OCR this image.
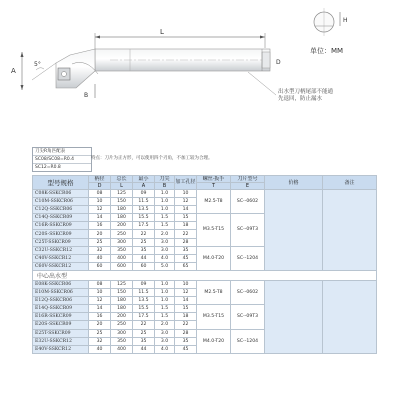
L
A
5°
B
D
H
单位：MM
出水型刀柄尾部不能通
先退回，防止漏水
刀尖R角匹配表
SC08/SC08=R0.4
SC12=R0.8
特点：刀片为正方形，可以使用四个刃角，不加工较为合理。
型号规格	柄径	总长	最小	刀尖	加工孔径	螺丝·扳手	刀片型号	价格	备注
	D	L	A	B		T	E		
C08K-SSKCR06	08	125	09	1.0	10	M2.5-T8	SC--0602		
C10M-SSKCR06	10	150	11.5	1.0	12				
C12Q-SSKCR06	12	180	13.5	1.0	14				
C14Q-SSKCR09	14	180	15.5	1.5	15	M3.5-T15	SC--09T3		
C16R-SSKCR09	16	200	17.5	1.5	18				
C20S-SSKCR09	20	250	22	2.0	22				
C25T-SSKCR09	25	300	25	3.0	28				
C32U-SSKCR12	32	350	35	3.0	35	M4.0-T20	SC--1204		
C40V-SSKCR12	40	400	44	4.0	45				
C60V-SSKCR12	60	600	60	5.0	65				
中心出水型									
E08K-SSKCR06	08	125	09	1.0	10	M2.5-T8	SC--0602		
E10M-SSKCR06	10	150	11.5	1.0	12				
E12Q-SSKCR06	12	180	13.5	1.0	14				
E14Q-SSKCR09	14	180	15.5	1.5	15	M3.5-T15	SC--09T3		
E16R-SSKCR09	16	200	17.5	1.5	18				
E20S-SSKCR09	20	250	22	2.0	22				
E25T-SSKCR09	25	300	25	3.0	28	M4.0-T20	SC--1204		
E32U-SSKCR12	32	350	35	3.0	35				
E40V-SSKCR12	40	400	44	4.0	45				
